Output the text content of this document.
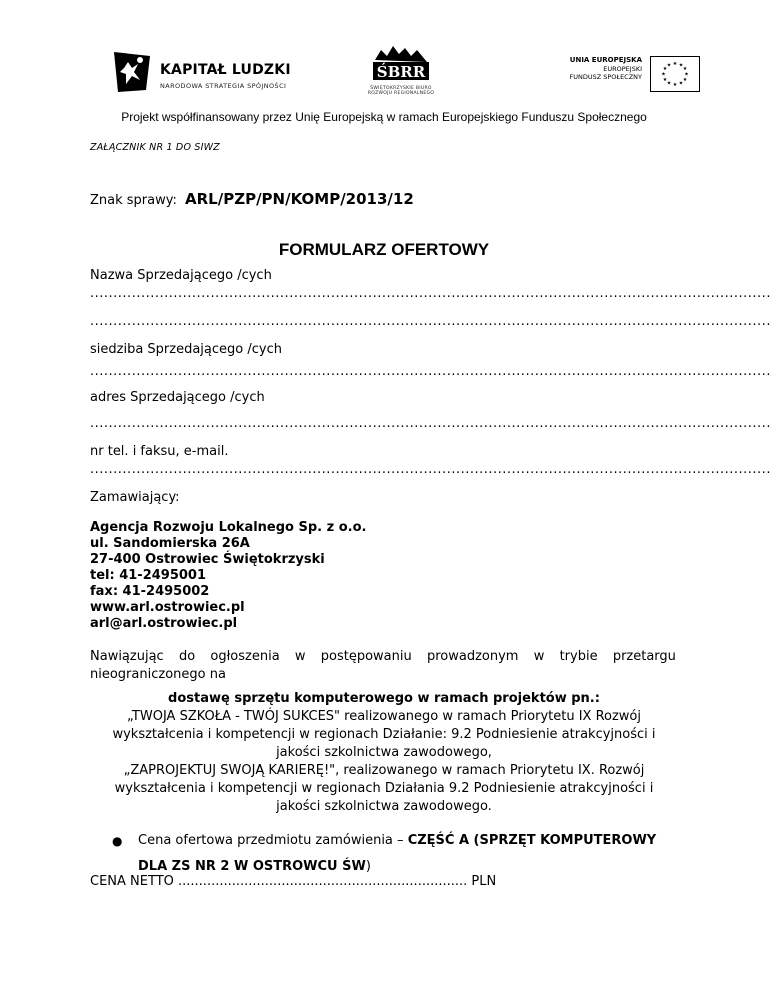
KAPITAŁ LUDZKI
NARODOWA STRATEGIA SPÓJNOŚCI
ŚBRR
ŚWIĘTOKRZYSKIE BIURO
ROZWOJU REGIONALNEGO
UNIA EUROPEJSKA
EUROPEJSKI
FUNDUSZ SPOŁECZNY
★ ★
★
★
★
★
★
★
★
★
★
★
Projekt współfinansowany przez Unię Europejską w ramach Europejskiego Funduszu Społecznego
ZAŁĄCZNIK NR 1 DO SIWZ
Znak sprawy: ARL/PZP/PN/KOMP/2013/12
FORMULARZ OFERTOWY
Nazwa Sprzedającego /cych
...................................................................................................................................................
...................................................................................................................................................
siedziba Sprzedającego /cych
...................................................................................................................................................
adres Sprzedającego /cych
...................................................................................................................................................
nr tel. i faksu, e-mail.
...................................................................................................................................................
Zamawiający:
Agencja Rozwoju Lokalnego Sp. z o.o.
ul. Sandomierska 26A
27-400 Ostrowiec Świętokrzyski
tel: 41-2495001
fax: 41-2495002
www.arl.ostrowiec.pl
arl@arl.ostrowiec.pl
Nawiązując do ogłoszenia w postępowaniu prowadzonym w trybie przetargu
nieograniczonego na
dostawę sprzętu komputerowego w ramach projektów pn.:
„TWOJA SZKOŁA - TWÓJ SUKCES" realizowanego w ramach Priorytetu IX Rozwój
wykształcenia i kompetencji w regionach Działanie: 9.2 Podniesienie atrakcyjności i
jakości szkolnictwa zawodowego,
„ZAPROJEKTUJ SWOJĄ KARIERĘ!", realizowanego w ramach Priorytetu IX. Rozwój
wykształcenia i kompetencji w regionach Działania 9.2 Podniesienie atrakcyjności i
jakości szkolnictwa zawodowego.
● Cena ofertowa przedmiotu zamówienia – CZĘŚĆ A (SPRZĘT KOMPUTEROWY
DLA ZS NR 2 W OSTROWCU ŚW)
CENA NETTO ...................................................................... PLN
